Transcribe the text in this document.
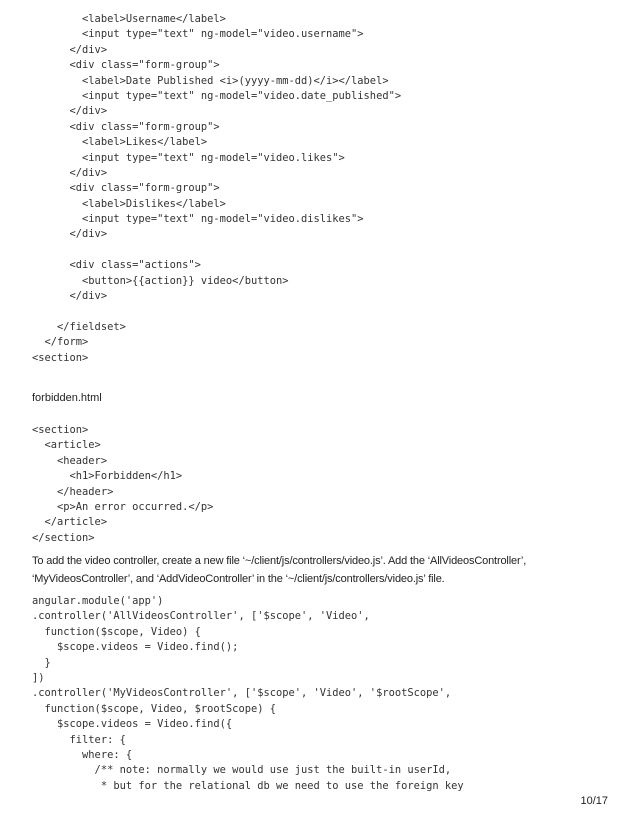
<label>Username</label>
<input type="text" ng-model="video.username">
</div>
<div class="form-group">
<label>Date Published <i>(yyyy-mm-dd)</i></label>
<input type="text" ng-model="video.date_published">
</div>
<div class="form-group">
<label>Likes</label>
<input type="text" ng-model="video.likes">
</div>
<div class="form-group">
<label>Dislikes</label>
<input type="text" ng-model="video.dislikes">
</div>
<div class="actions">
<button>{{action}} video</button>
</div>
</fieldset>
</form>
<section>
forbidden.html
<section>
<article>
<header>
<h1>Forbidden</h1>
</header>
<p>An error occurred.</p>
</article>
</section>
To add the video controller, create a new file ‘~/client/js/controllers/video.js’. Add the ‘AllVideosController’, ‘MyVideosController’, and ‘AddVideoController’ in the ‘~/client/js/controllers/video.js’ file.
angular.module('app')
.controller('AllVideosController', ['$scope', 'Video',
function($scope, Video) {
$scope.videos = Video.find();
}
])
.controller('MyVideosController', ['$scope', 'Video', '$rootScope',
function($scope, Video, $rootScope) {
$scope.videos = Video.find({
filter: {
where: {
/** note: normally we would use just the built-in userId,
* but for the relational db we need to use the foreign key
10/17
